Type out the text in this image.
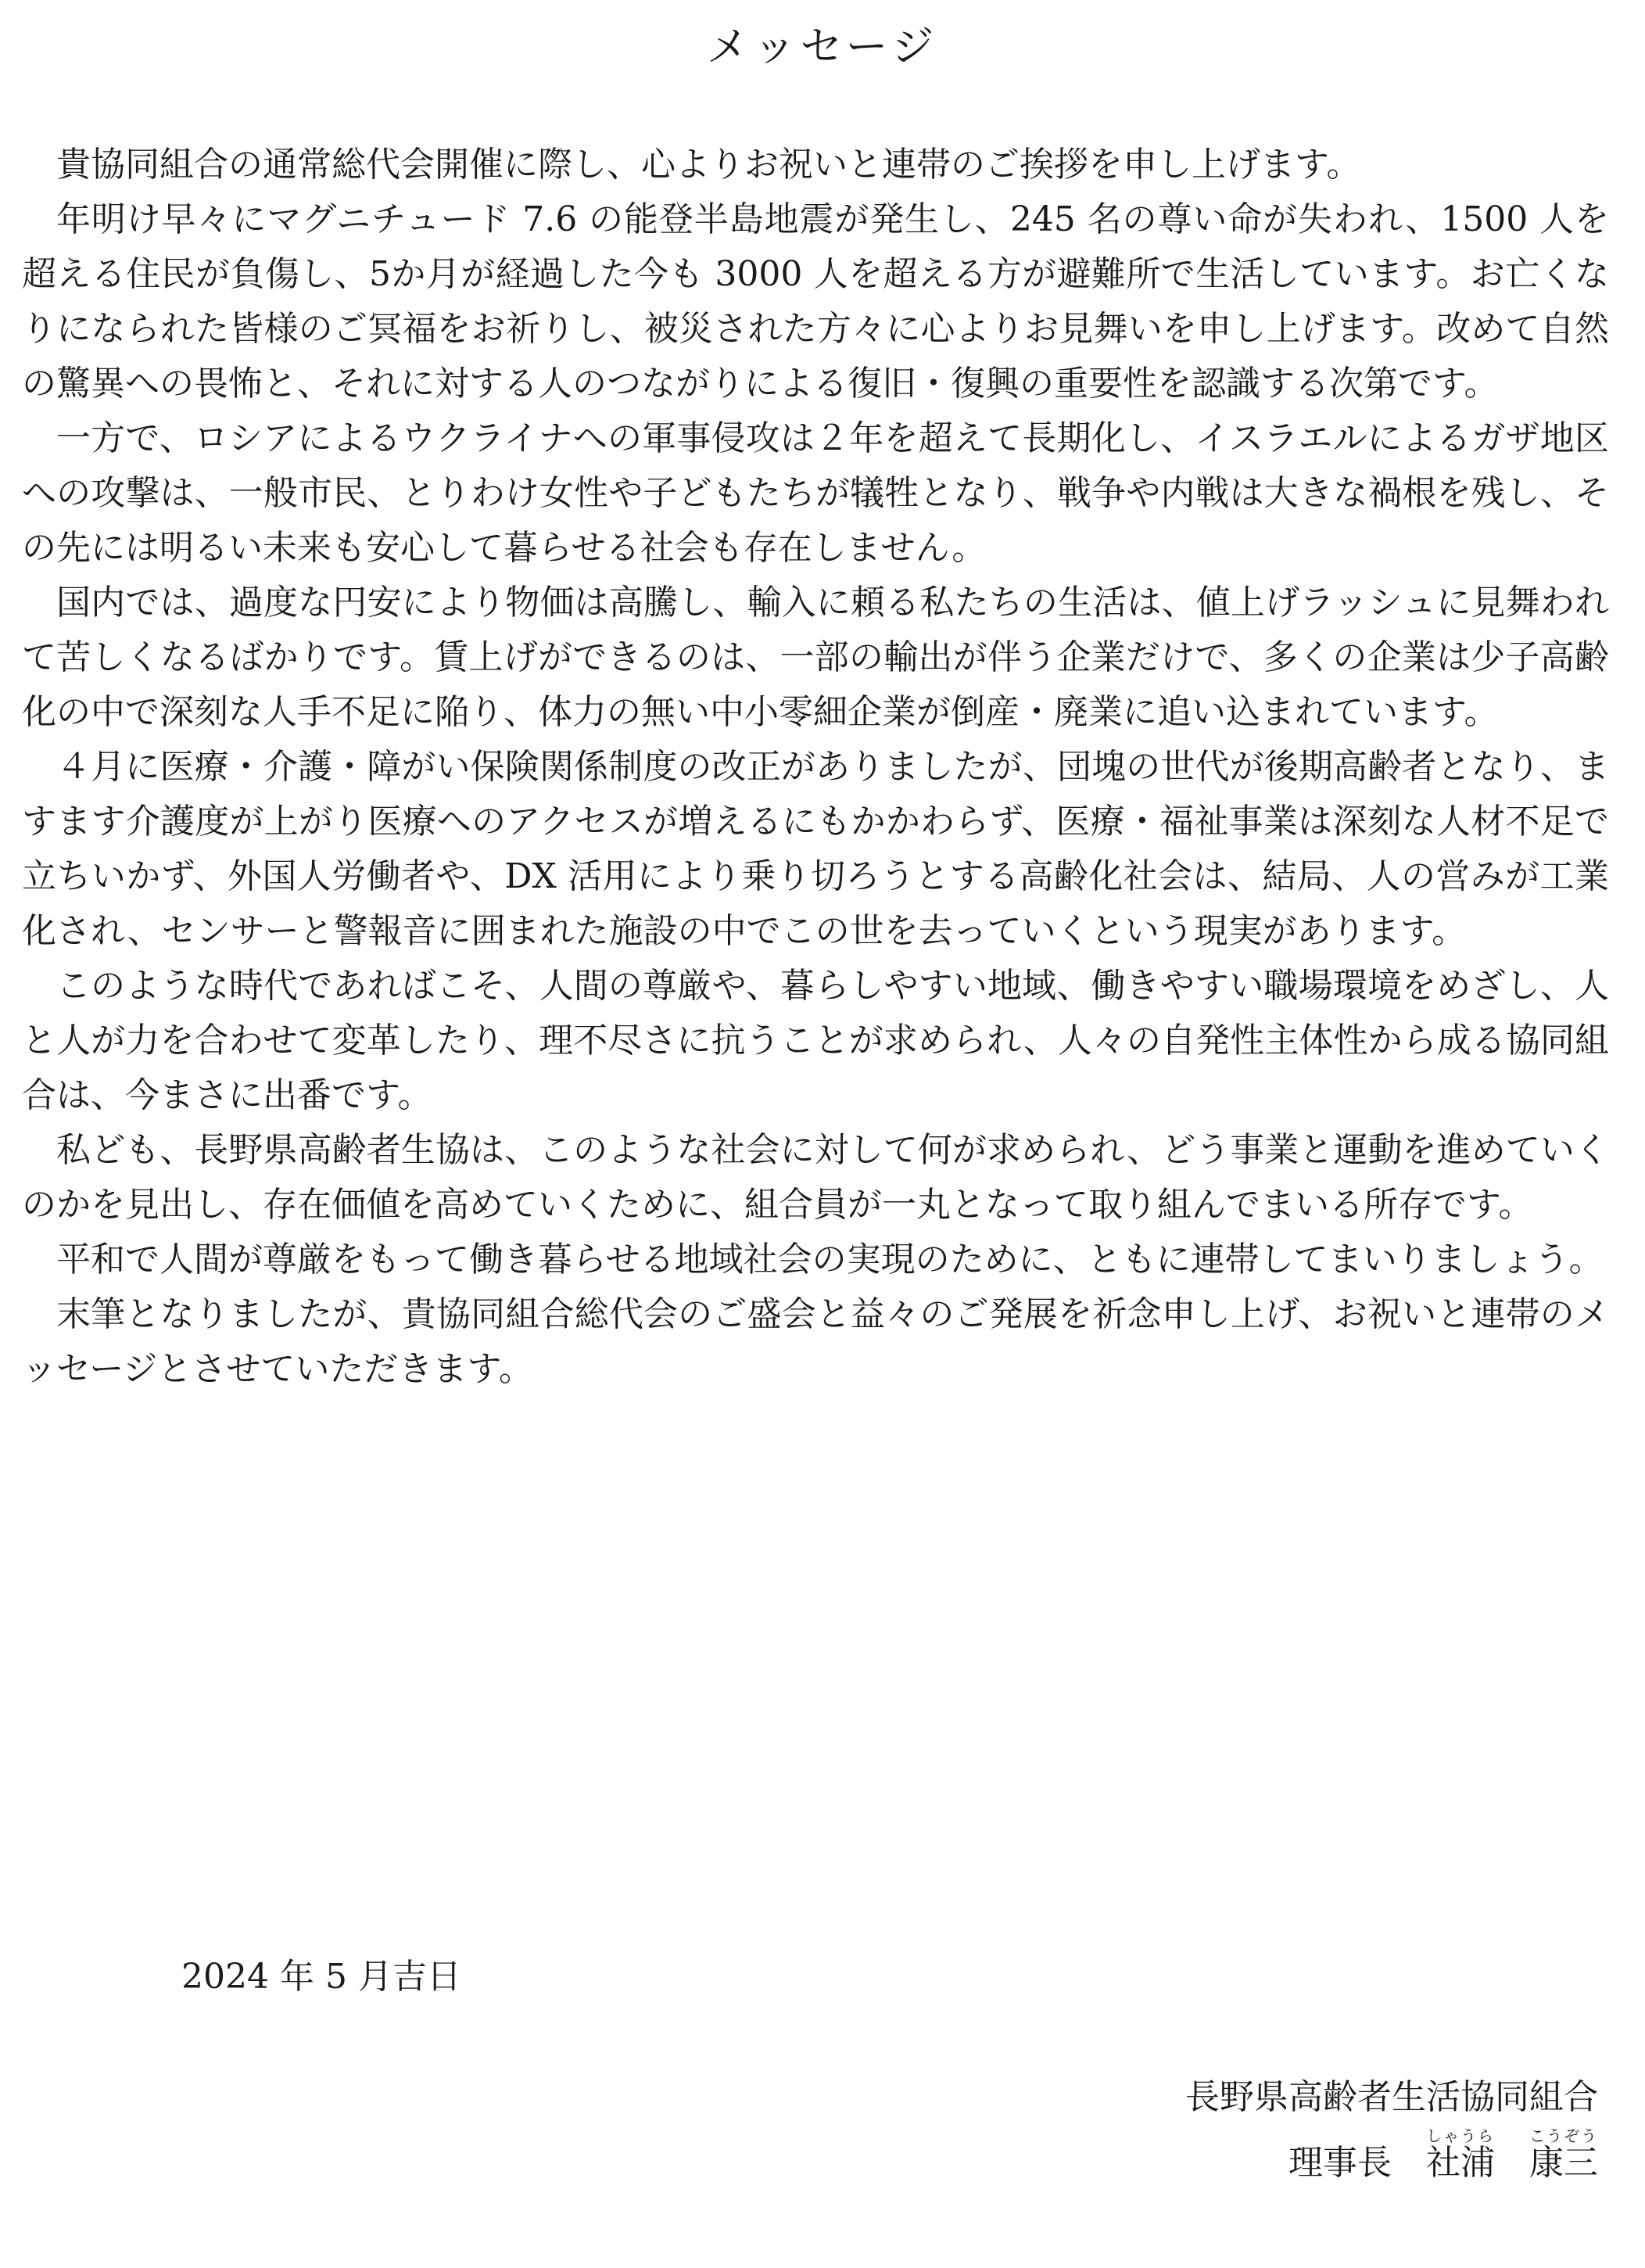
メッセージ

貴協同組合の通常総代会開催に際し、心よりお祝いと連帯のご挨拶を申し上げます。

年明け早々にマグニチュード 7.6 の能登半島地震が発生し、245 名の尊い命が失われ、1500 人を超える住民が負傷し、5か月が経過した今も 3000 人を超える方が避難所で生活しています。お亡くなりになられた皆様のご冥福をお祈りし、被災された方々に心よりお見舞いを申し上げます。改めて自然の驚異への畏怖と、それに対する人のつながりによる復旧・復興の重要性を認識する次第です。

一方で、ロシアによるウクライナへの軍事侵攻は２年を超えて長期化し、イスラエルによるガザ地区への攻撃は、一般市民、とりわけ女性や子どもたちが犠牲となり、戦争や内戦は大きな禍根を残し、その先には明るい未来も安心して暮らせる社会も存在しません。

国内では、過度な円安により物価は高騰し、輸入に頼る私たちの生活は、値上げラッシュに見舞われて苦しくなるばかりです。賃上げができるのは、一部の輸出が伴う企業だけで、多くの企業は少子高齢化の中で深刻な人手不足に陥り、体力の無い中小零細企業が倒産・廃業に追い込まれています。

４月に医療・介護・障がい保険関係制度の改正がありましたが、団塊の世代が後期高齢者となり、ますます介護度が上がり医療へのアクセスが増えるにもかかわらず、医療・福祉事業は深刻な人材不足で立ちいかず、外国人労働者や、DX 活用により乗り切ろうとする高齢化社会は、結局、人の営みが工業化され、センサーと警報音に囲まれた施設の中でこの世を去っていくという現実があります。

このような時代であればこそ、人間の尊厳や、暮らしやすい地域、働きやすい職場環境をめざし、人と人が力を合わせて変革したり、理不尽さに抗うことが求められ、人々の自発性主体性から成る協同組合は、今まさに出番です。

私ども、長野県高齢者生協は、このような社会に対して何が求められ、どう事業と運動を進めていくのかを見出し、存在価値を高めていくために、組合員が一丸となって取り組んでまいる所存です。

平和で人間が尊厳をもって働き暮らせる地域社会の実現のために、ともに連帯してまいりましょう。

末筆となりましたが、貴協同組合総代会のご盛会と益々のご発展を祈念申し上げ、お祝いと連帯のメッセージとさせていただきます。

2024 年 5 月吉日
長野県高齢者生活協同組合
理事長 社浦しゃうら康三こうぞう
